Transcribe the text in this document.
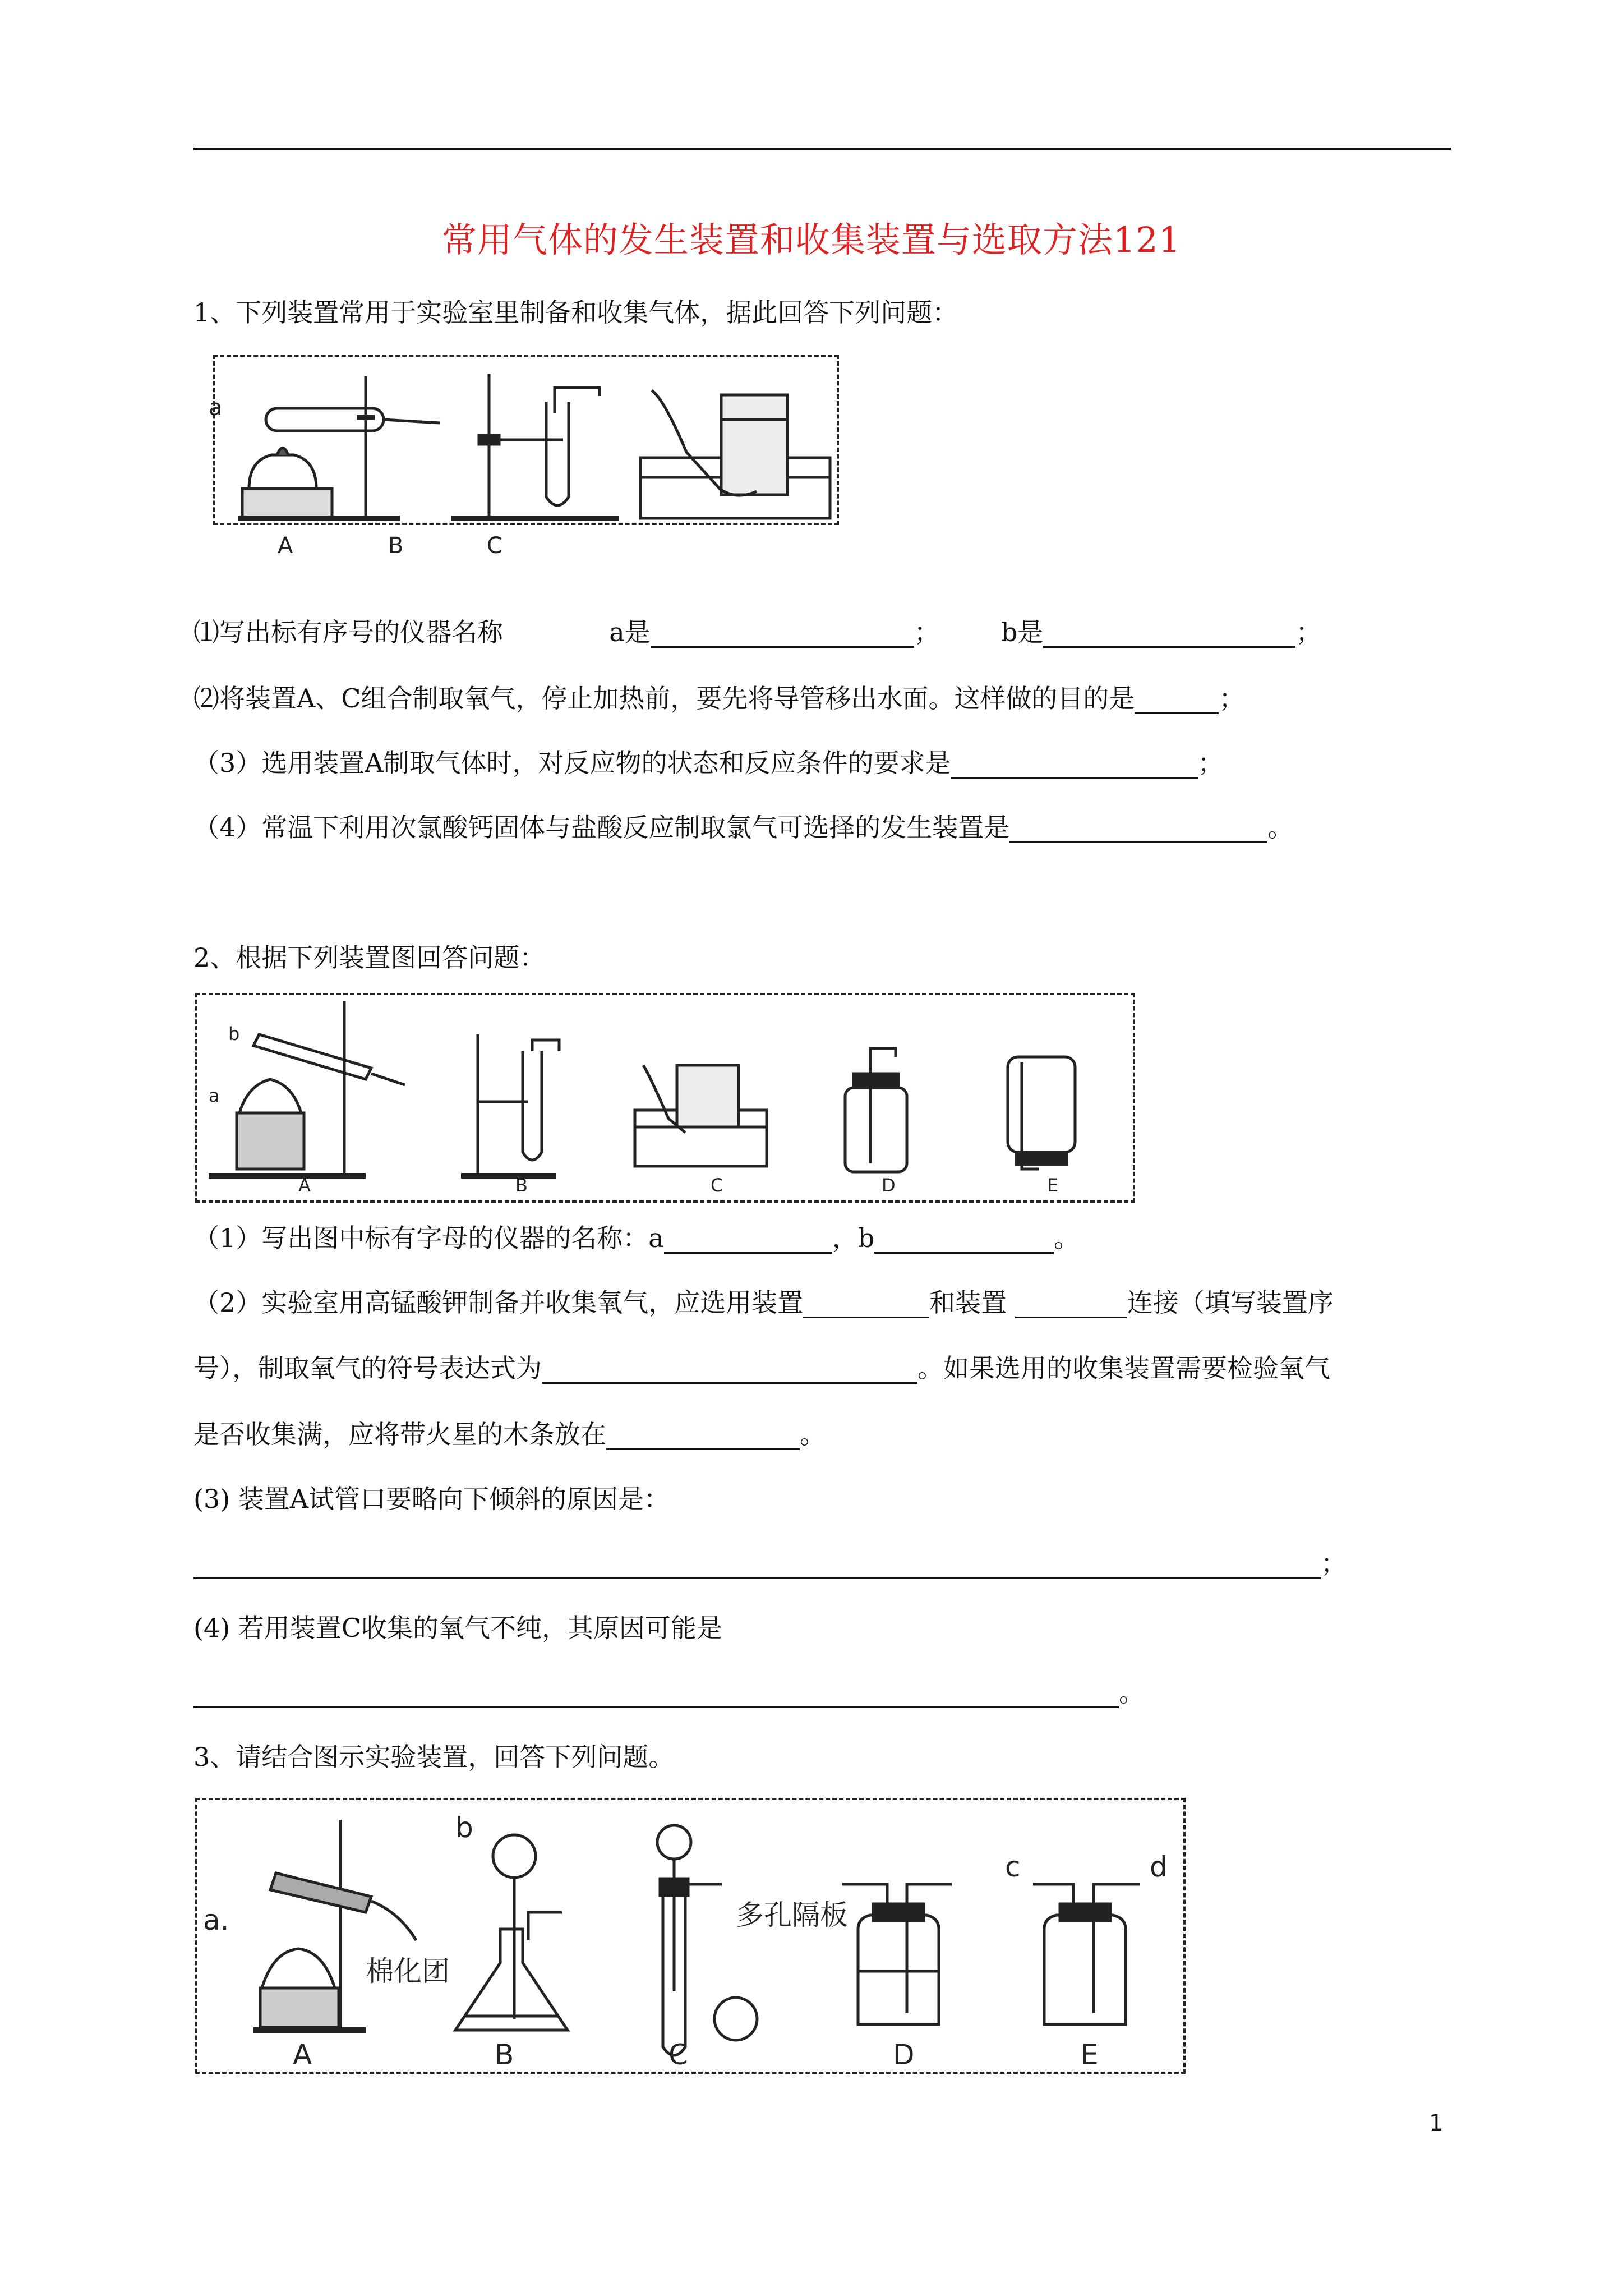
常用气体的发生装置和收集装置与选取方法121
1、下列装置常用于实验室里制备和收集气体，据此回答下列问题：
a
A	B	C
⑴写出标有序号的仪器名称	a是	； b是	；
⑵将装置A、C组合制取氧气，停止加热前，要先将导管移出水面。这样做的目的是	；
（3）选用装置A制取气体时，对反应物的状态和反应条件的要求是	；
（4）常温下利用次氯酸钙固体与盐酸反应制取氯气可选择的发生装置是	。
2、根据下列装置图回答问题：
b
a
A	B	C	D	E
（1）写出图中标有字母的仪器的名称：a	，b	。
（2）实验室用高锰酸钾制备并收集氧气，应选用装置	和装置	连接（填写装置序
号），制取氧气的符号表达式为	。如果选用的收集装置需要检验氧气
是否收集满，应将带火星的木条放在	。
(3) 装置A试管口要略向下倾斜的原因是：
；
(4) 若用装置C收集的氧气不纯，其原因可能是
。
3、请结合图示实验装置，回答下列问题。
a.
b
c	d
棉化团
多孔隔板
A	B	C	D	E
1
